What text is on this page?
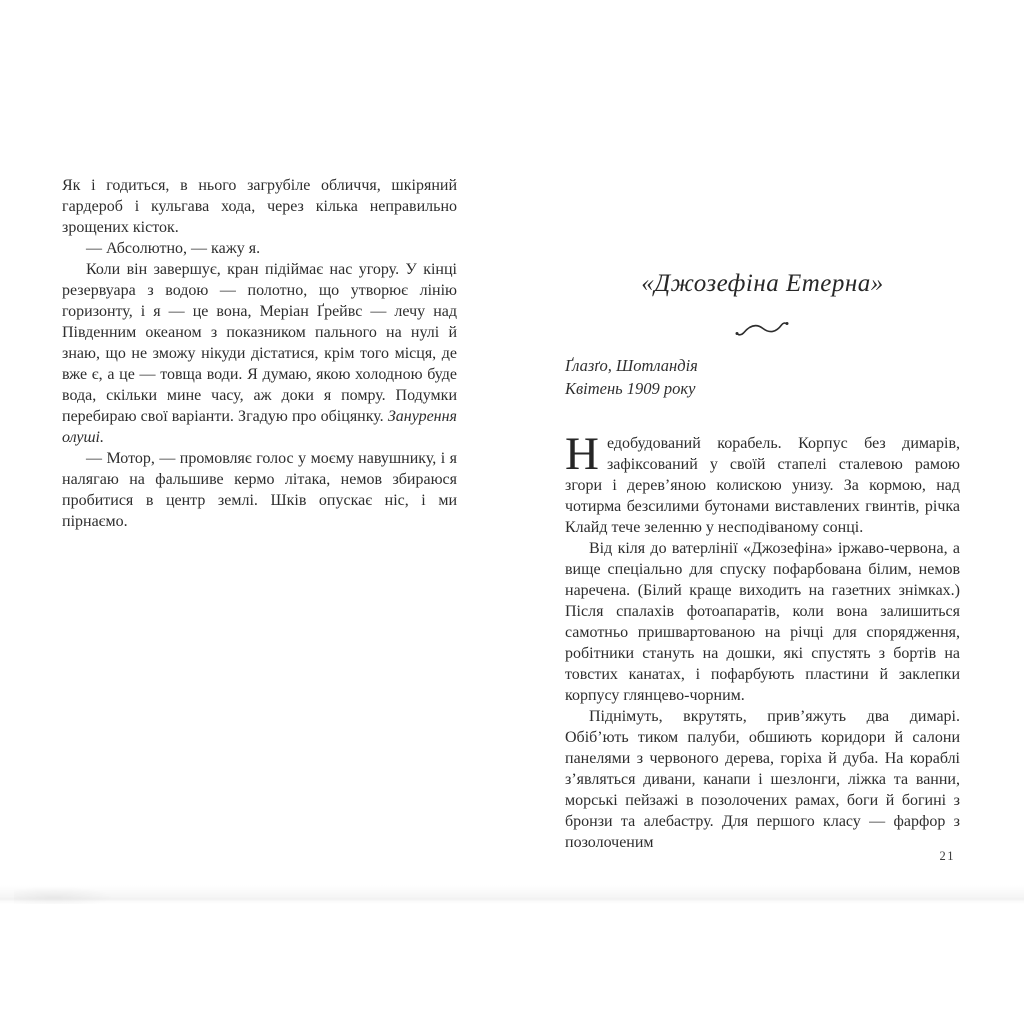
Як і годиться, в нього загрубіле обличчя, шкіряний гардероб і кульгава хода, через кілька неправильно зрощених кісток.

— Абсолютно, — кажу я.

Коли він завершує, кран підіймає нас угору. У кінці резервуара з водою — полотно, що утворює лінію горизонту, і я — це вона, Меріан Ґрейвс — лечу над Південним океаном з показником пального на нулі й знаю, що не зможу нікуди дістатися, крім того місця, де вже є, а це — товща води. Я думаю, якою холодною буде вода, скільки мине часу, аж доки я помру. Подумки перебираю свої варіанти. Згадую про обіцянку. Занурення олуші.

— Мотор, — промовляє голос у моєму навушнику, і я налягаю на фальшиве кермо літака, немов збираюся пробитися в центр землі. Шків опускає ніс, і ми пірнаємо.

«Джозефіна Етерна»
Ґлазґо, Шотландія
Квітень 1909 року

Недобудований корабель. Корпус без димарів, зафіксований у своїй стапелі сталевою рамою згори і дерев’яною колискою унизу. За кормою, над чотирма безсилими бутонами виставлених гвинтів, річка Клайд тече зеленню у несподіваному сонці.

Від кіля до ватерлінії «Джозефіна» іржаво-червона, а вище спеціально для спуску пофарбована білим, немов наречена. (Білий краще виходить на газетних знімках.) Після спалахів фотоапаратів, коли вона залишиться самотньо пришвартованою на річці для спорядження, робітники стануть на дошки, які спустять з бортів на товстих канатах, і пофарбують пластини й заклепки корпусу глянцево-чорним.

Піднімуть, вкрутять, прив’яжуть два димарі. Обіб’ють тиком палуби, обшиють коридори й салони панелями з червоного дерева, горіха й дуба. На кораблі з’являться дивани, канапи і шезлонги, ліжка та ванни, морські пейзажі в позолочених рамах, боги й богині з бронзи та алебастру. Для першого класу — фарфор з позолоченим

21
